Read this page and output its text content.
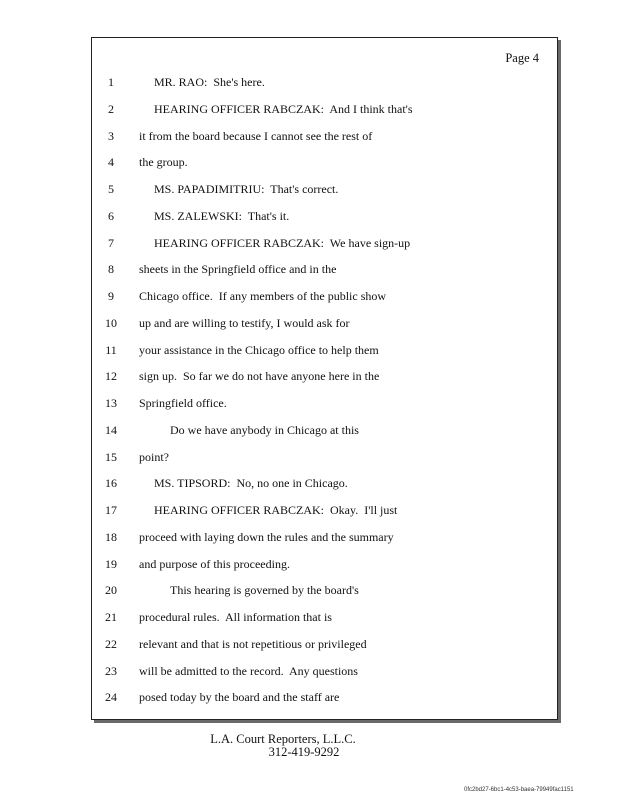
Page 4
1	MR. RAO:  She's here.
2	HEARING OFFICER RABCZAK:  And I think that's
3	it from the board because I cannot see the rest of
4	the group.
5	MS. PAPADIMITRIU:  That's correct.
6	MS. ZALEWSKI:  That's it.
7	HEARING OFFICER RABCZAK:  We have sign-up
8	sheets in the Springfield office and in the
9	Chicago office.  If any members of the public show
10	up and are willing to testify, I would ask for
11	your assistance in the Chicago office to help them
12	sign up.  So far we do not have anyone here in the
13	Springfield office.
14	Do we have anybody in Chicago at this
15	point?
16	MS. TIPSORD:  No, no one in Chicago.
17	HEARING OFFICER RABCZAK:  Okay.  I'll just
18	proceed with laying down the rules and the summary
19	and purpose of this proceeding.
20	This hearing is governed by the board's
21	procedural rules.  All information that is
22	relevant and that is not repetitious or privileged
23	will be admitted to the record.  Any questions
24	posed today by the board and the staff are
L.A. Court Reporters, L.L.C.
312-419-9292
0fc2bd27-6bc1-4c53-baea-79949fac1151
